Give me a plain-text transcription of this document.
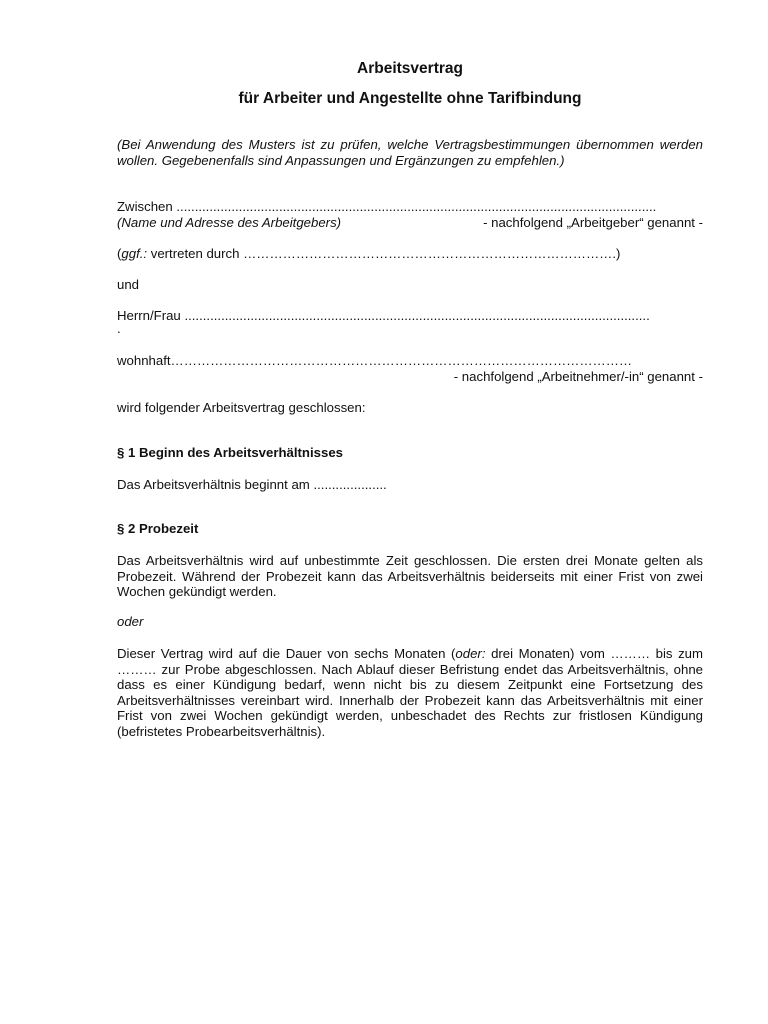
Arbeitsvertrag
für Arbeiter und Angestellte ohne Tarifbindung
(Bei Anwendung des Musters ist zu prüfen, welche Vertragsbestimmungen übernommen werden wollen. Gegebenenfalls sind Anpassungen und Ergänzungen zu empfehlen.)
Zwischen ...................................................................................................................................
(Name und Adresse des Arbeitgebers)	- nachfolgend „Arbeitgeber“ genannt -
(ggf.: vertreten durch ………………………………………………………………………….)
und
Herrn/Frau ...............................................................................................................................
.
wohnhaft……………………………………………………………………………………………
- nachfolgend „Arbeitnehmer/-in“ genannt -
wird folgender Arbeitsvertrag geschlossen:
§ 1 Beginn des Arbeitsverhältnisses
Das Arbeitsverhältnis beginnt am ....................
§ 2 Probezeit
Das Arbeitsverhältnis wird auf unbestimmte Zeit geschlossen. Die ersten drei Monate gelten als Probezeit. Während der Probezeit kann das Arbeitsverhältnis beiderseits mit einer Frist von zwei Wochen gekündigt werden.
oder
Dieser Vertrag wird auf die Dauer von sechs Monaten (oder: drei Monaten) vom ……… bis zum ……… zur Probe abgeschlossen. Nach Ablauf dieser Befristung endet das Arbeitsverhältnis, ohne dass es einer Kündigung bedarf, wenn nicht bis zu diesem Zeitpunkt eine Fortsetzung des Arbeitsverhältnisses vereinbart wird. Innerhalb der Probezeit kann das Arbeitsverhältnis mit einer Frist von zwei Wochen gekündigt werden, unbeschadet des Rechts zur fristlosen Kündigung (befristetes Probearbeitsverhältnis).
